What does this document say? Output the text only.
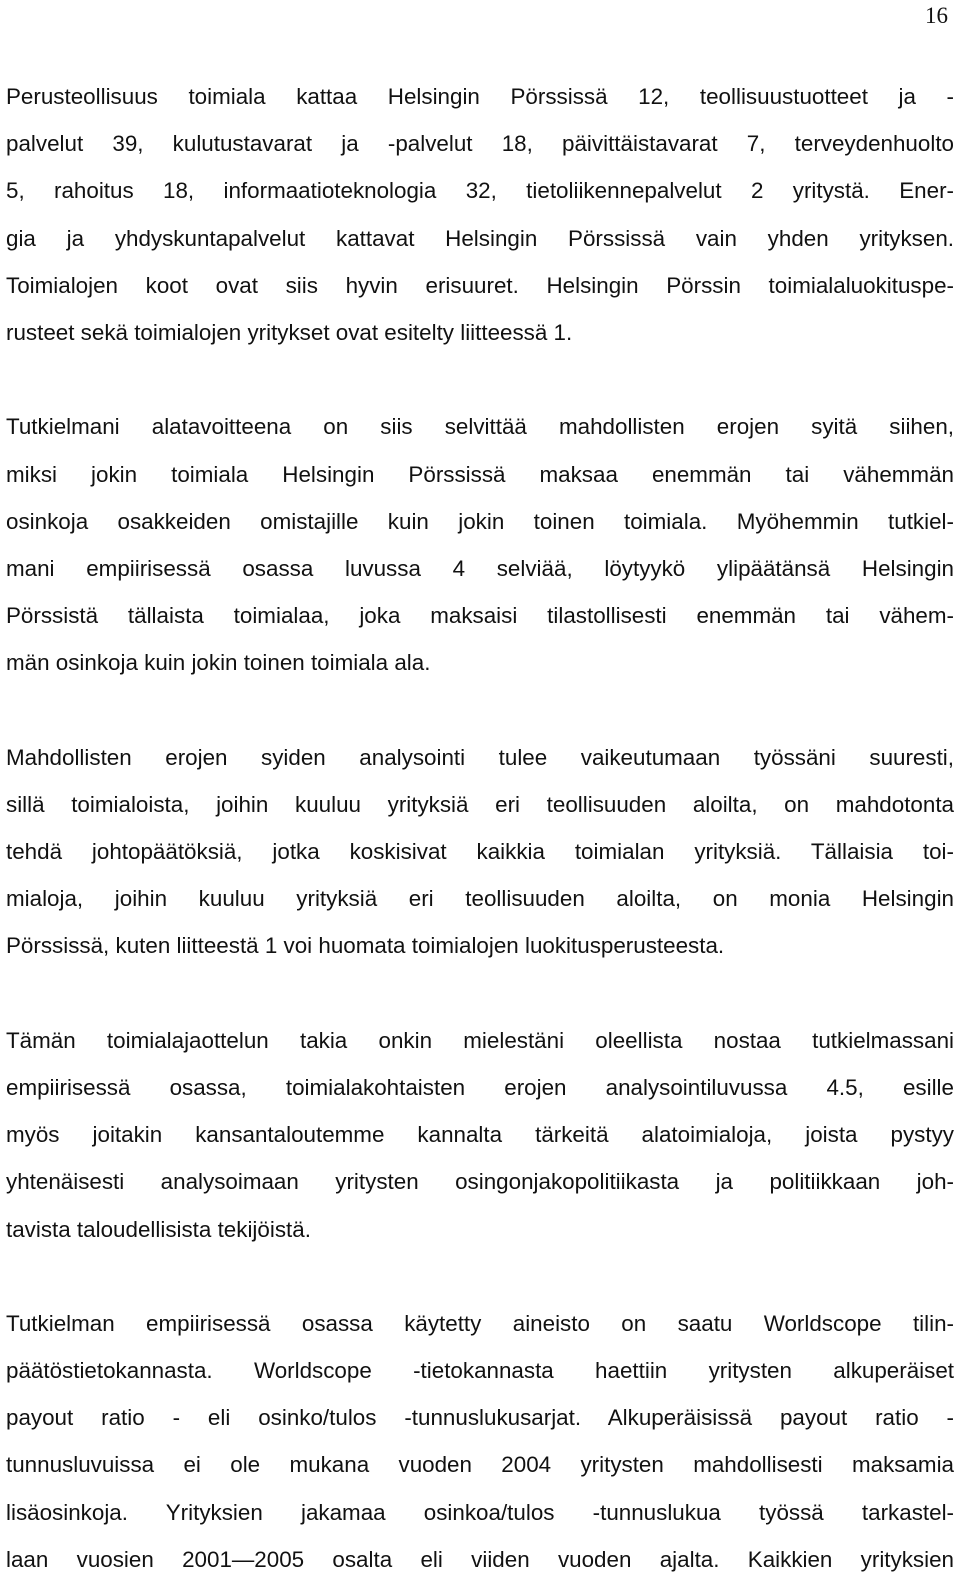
16

Perusteollisuus toimiala kattaa Helsingin Pörssissä 12, teollisuustuotteet ja -
palvelut 39, kulutustavarat ja -palvelut 18, päivittäistavarat 7, terveydenhuolto
5, rahoitus 18, informaatioteknologia 32, tietoliikennepalvelut 2 yritystä. Ener-
gia ja yhdyskuntapalvelut kattavat Helsingin Pörssissä vain yhden yrityksen.
Toimialojen koot ovat siis hyvin erisuuret. Helsingin Pörssin toimialaluokituspe-
rusteet sekä toimialojen yritykset ovat esitelty liitteessä 1.

Tutkielmani alatavoitteena on siis selvittää mahdollisten erojen syitä siihen,
miksi jokin toimiala Helsingin Pörssissä maksaa enemmän tai vähemmän
osinkoja osakkeiden omistajille kuin jokin toinen toimiala. Myöhemmin tutkiel-
mani empiirisessä osassa luvussa 4 selviää, löytyykö ylipäätänsä Helsingin
Pörssistä tällaista toimialaa, joka maksaisi tilastollisesti enemmän tai vähem-
män osinkoja kuin jokin toinen toimiala ala.

Mahdollisten erojen syiden analysointi tulee vaikeutumaan työssäni suuresti,
sillä toimialoista, joihin kuuluu yrityksiä eri teollisuuden aloilta, on mahdotonta
tehdä johtopäätöksiä, jotka koskisivat kaikkia toimialan yrityksiä. Tällaisia toi-
mialoja, joihin kuuluu yrityksiä eri teollisuuden aloilta, on monia Helsingin
Pörssissä, kuten liitteestä 1 voi huomata toimialojen luokitusperusteesta.

Tämän toimialajaottelun takia onkin mielestäni oleellista nostaa tutkielmassani
empiirisessä osassa, toimialakohtaisten erojen analysointiluvussa 4.5, esille
myös joitakin kansantaloutemme kannalta tärkeitä alatoimialoja, joista pystyy
yhtenäisesti analysoimaan yritysten osingonjakopolitiikasta ja politiikkaan joh-
tavista taloudellisista tekijöistä.

Tutkielman empiirisessä osassa käytetty aineisto on saatu Worldscope tilin-
päätöstietokannasta. Worldscope -tietokannasta haettiin yritysten alkuperäiset
payout ratio - eli osinko/tulos -tunnuslukusarjat. Alkuperäisissä payout ratio -
tunnusluvuissa ei ole mukana vuoden 2004 yritysten mahdollisesti maksamia
lisäosinkoja. Yrityksien jakamaa osinkoa/tulos -tunnuslukua työssä tarkastel-
laan vuosien 2001—2005 osalta eli viiden vuoden ajalta. Kaikkien yrityksien
